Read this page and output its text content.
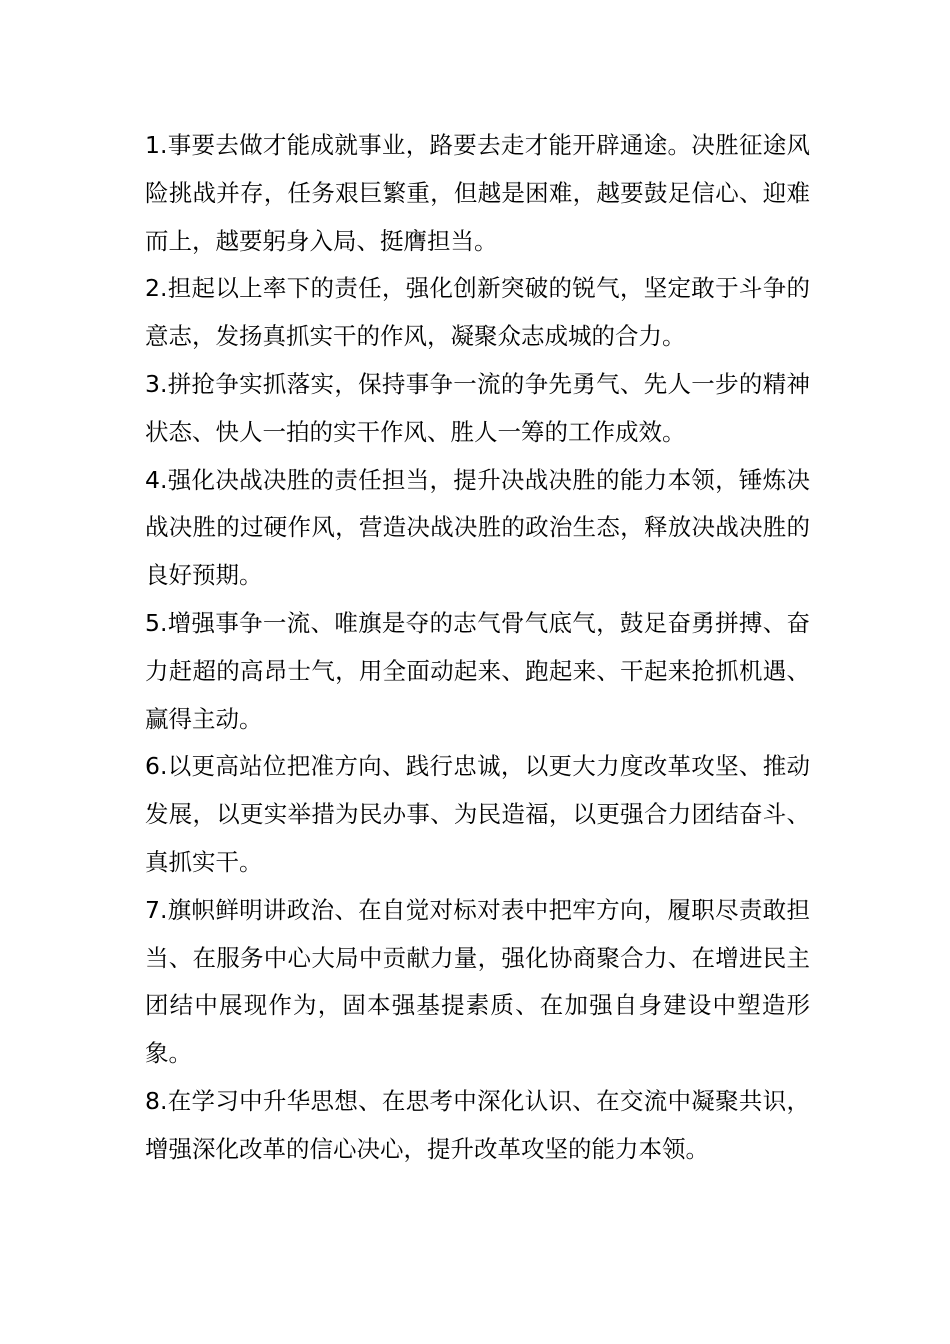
1.事要去做才能成就事业，路要去走才能开辟通途。决胜征途风险挑战并存，任务艰巨繁重，但越是困难，越要鼓足信心、迎难而上，越要躬身入局、挺膺担当。

2.担起以上率下的责任，强化创新突破的锐气，坚定敢于斗争的意志，发扬真抓实干的作风，凝聚众志成城的合力。

3.拼抢争实抓落实，保持事争一流的争先勇气、先人一步的精神状态、快人一拍的实干作风、胜人一筹的工作成效。

4.强化决战决胜的责任担当，提升决战决胜的能力本领，锤炼决战决胜的过硬作风，营造决战决胜的政治生态，释放决战决胜的良好预期。

5.增强事争一流、唯旗是夺的志气骨气底气，鼓足奋勇拼搏、奋力赶超的高昂士气，用全面动起来、跑起来、干起来抢抓机遇、赢得主动。

6.以更高站位把准方向、践行忠诚，以更大力度改革攻坚、推动发展，以更实举措为民办事、为民造福，以更强合力团结奋斗、真抓实干。

7.旗帜鲜明讲政治、在自觉对标对表中把牢方向，履职尽责敢担当、在服务中心大局中贡献力量，强化协商聚合力、在增进民主团结中展现作为，固本强基提素质、在加强自身建设中塑造形象。

8.在学习中升华思想、在思考中深化认识、在交流中凝聚共识，增强深化改革的信心决心，提升改革攻坚的能力本领。
